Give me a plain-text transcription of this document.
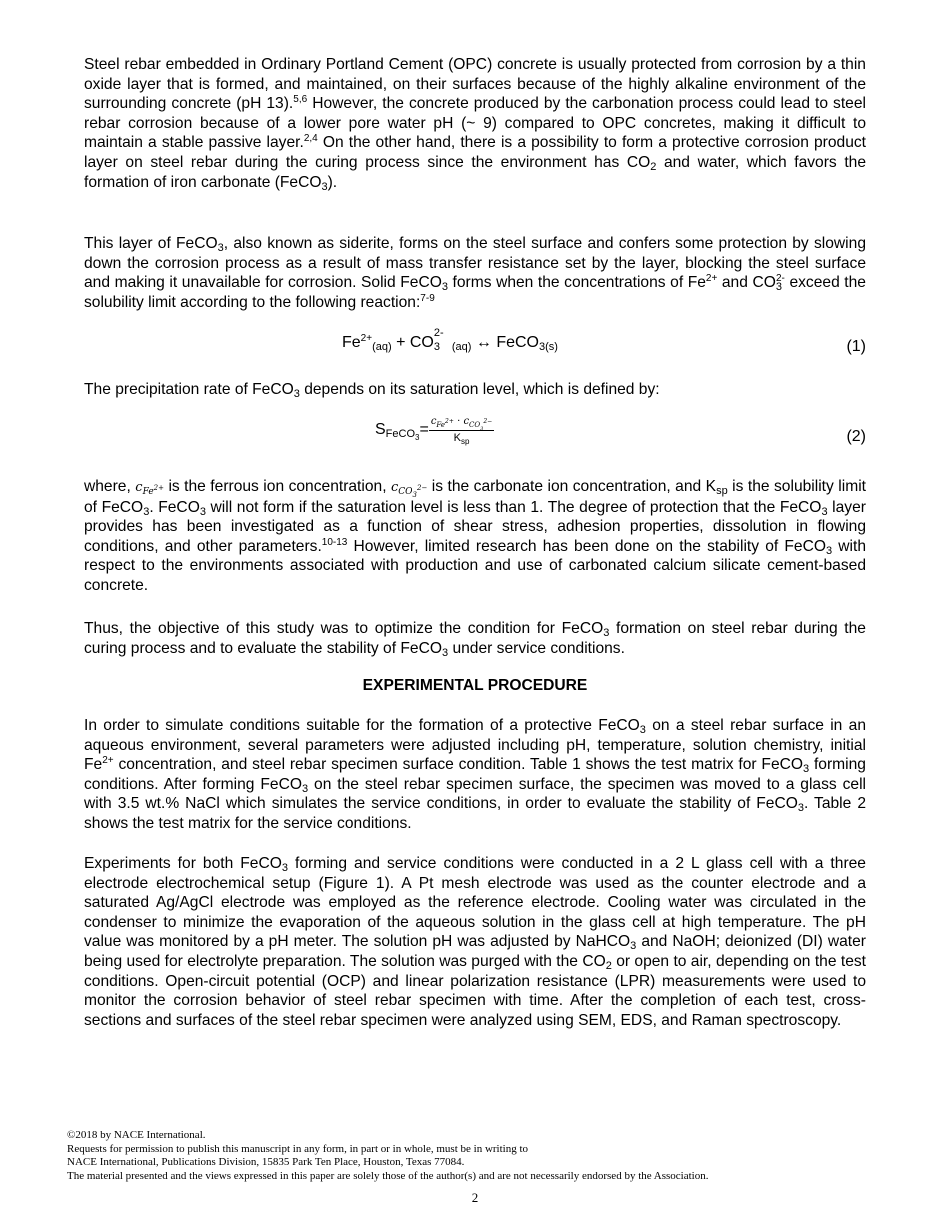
Steel rebar embedded in Ordinary Portland Cement (OPC) concrete is usually protected from corrosion by a thin oxide layer that is formed, and maintained, on their surfaces because of the highly alkaline environment of the surrounding concrete (pH 13).$^{5,6}$ However, the concrete produced by the carbonation process could lead to steel rebar corrosion because of a lower pore water pH (~ 9) compared to OPC concretes, making it difficult to maintain a stable passive layer.$^{2,4}$ On the other hand, there is a possibility to form a protective corrosion product layer on steel rebar during the curing process since the environment has $CO_2$ and water, which favors the formation of iron carbonate (FeCO$_3$).

This layer of FeCO$_3$, also known as siderite, forms on the steel surface and confers some protection by slowing down the corrosion process as a result of mass transfer resistance set by the layer, blocking the steel surface and making it unavailable for corrosion. Solid FeCO$_3$ forms when the concentrations of $Fe^{2+}$ and $CO_3^{2-}$ exceed the solubility limit according to the following reaction:$^{7-9}$

$Fe^{2+}_{(aq)}$ + CO
2-
3 $_{(aq)}$ ↔ FeCO$_{3(s)}$	(1)

The precipitation rate of FeCO$_3$ depends on its saturation level, which is defined by:

$S_{FeCO_3}= \frac{c_{Fe^{2+}} \cdot c_{CO_3^{2-}}}{K_{sp}}$	(2)

where, $c_{Fe^{2+}}$ is the ferrous ion concentration, $c_{CO_3^{2-}}$ is the carbonate ion concentration, and $K_{sp}$ is the solubility limit of FeCO$_3$. FeCO$_3$ will not form if the saturation level is less than 1. The degree of protection that the FeCO$_3$ layer provides has been investigated as a function of shear stress, adhesion properties, dissolution in flowing conditions, and other parameters.$^{10-13}$ However, limited research has been done on the stability of FeCO$_3$ with respect to the environments associated with production and use of carbonated calcium silicate cement-based concrete.

Thus, the objective of this study was to optimize the condition for FeCO$_3$ formation on steel rebar during the curing process and to evaluate the stability of FeCO$_3$ under service conditions.

EXPERIMENTAL PROCEDURE

In order to simulate conditions suitable for the formation of a protective FeCO$_3$ on a steel rebar surface in an aqueous environment, several parameters were adjusted including pH, temperature, solution chemistry, initial $Fe^{2+}$ concentration, and steel rebar specimen surface condition. Table 1 shows the test matrix for FeCO$_3$ forming conditions. After forming FeCO$_3$ on the steel rebar specimen surface, the specimen was moved to a glass cell with 3.5 wt.% NaCl which simulates the service conditions, in order to evaluate the stability of FeCO$_3$. Table 2 shows the test matrix for the service conditions.

Experiments for both FeCO$_3$ forming and service conditions were conducted in a 2 L glass cell with a three electrode electrochemical setup (Figure 1). A Pt mesh electrode was used as the counter electrode and a saturated Ag/AgCl electrode was employed as the reference electrode. Cooling water was circulated in the condenser to minimize the evaporation of the aqueous solution in the glass cell at high temperature. The pH value was monitored by a pH meter. The solution pH was adjusted by NaHCO$_3$ and NaOH; deionized (DI) water being used for electrolyte preparation. The solution was purged with the $CO_2$ or open to air, depending on the test conditions. Open-circuit potential (OCP) and linear polarization resistance (LPR) measurements were used to monitor the corrosion behavior of steel rebar specimen with time. After the completion of each test, cross-sections and surfaces of the steel rebar specimen were analyzed using SEM, EDS, and Raman spectroscopy.

©2018 by NACE International.
Requests for permission to publish this manuscript in any form, in part or in whole, must be in writing to
NACE International, Publications Division, 15835 Park Ten Place, Houston, Texas 77084.
The material presented and the views expressed in this paper are solely those of the author(s) and are not necessarily endorsed by the Association.
2
